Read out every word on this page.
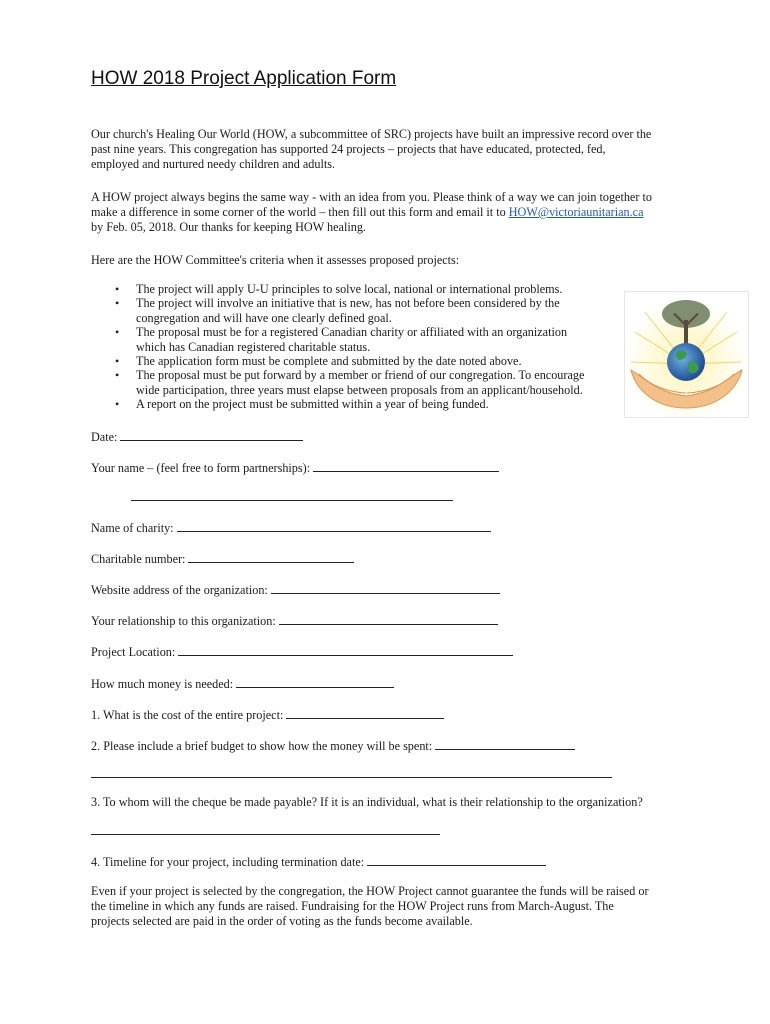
HOW 2018 Project Application Form
Our church's Healing Our World (HOW, a subcommittee of SRC) projects have built an impressive record over the
past nine years. This congregation has supported 24 projects – projects that have educated, protected, fed,
employed and nurtured needy children and adults.
A HOW project always begins the same way - with an idea from you. Please think of a way we can join together to
make a difference in some corner of the world – then fill out this form and email it to HOW@victoriaunitarian.ca
by Feb. 05, 2018. Our thanks for keeping HOW healing.
Here are the HOW Committee's criteria when it assesses proposed projects:
• The project will apply U-U principles to solve local, national or international problems.
• The project will involve an initiative that is new, has not before been considered by the
congregation and will have one clearly defined goal.
• The proposal must be for a registered Canadian charity or affiliated with an organization
which has Canadian registered charitable status.
• The application form must be complete and submitted by the date noted above.
• The proposal must be put forward by a member or friend of our congregation. To encourage
wide participation, three years must elapse between proposals from an applicant/household.
• A report on the project must be submitted within a year of being funded.
Date:
Your name – (feel free to form partnerships):
Name of charity:
Charitable number:
Website address of the organization:
Your relationship to this organization:
Project Location:
How much money is needed:
1. What is the cost of the entire project:
2. Please include a brief budget to show how the money will be spent:
3. To whom will the cheque be made payable? If it is an individual, what is their relationship to the organization?
4. Timeline for your project, including termination date:
Even if your project is selected by the congregation, the HOW Project cannot guarantee the funds will be raised or
the timeline in which any funds are raised. Fundraising for the HOW Project runs from March-August. The
projects selected are paid in the order of voting as the funds become available.
